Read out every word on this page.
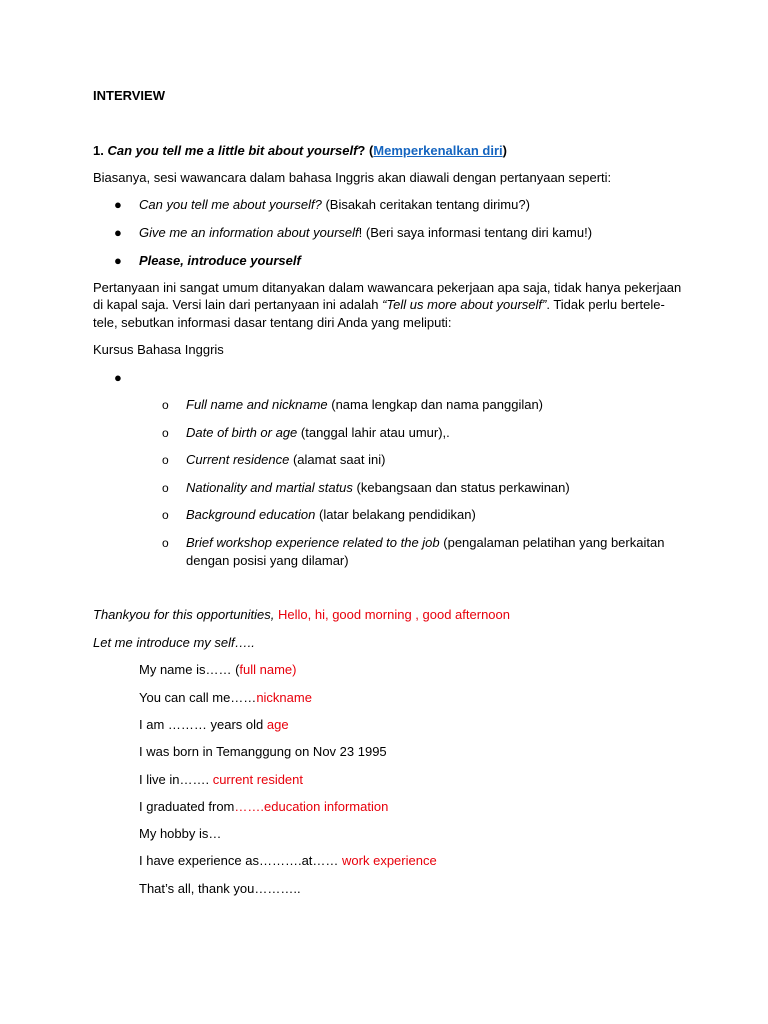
INTERVIEW
1. Can you tell me a little bit about yourself? (Memperkenalkan diri)
Biasanya, sesi wawancara dalam bahasa Inggris akan diawali dengan pertanyaan seperti:
● Can you tell me about yourself? (Bisakah ceritakan tentang dirimu?)
● Give me an information about yourself! (Beri saya informasi tentang diri kamu!)
● Please, introduce yourself
Pertanyaan ini sangat umum ditanyakan dalam wawancara pekerjaan apa saja, tidak hanya pekerjaan
di kapal saja. Versi lain dari pertanyaan ini adalah “Tell us more about yourself”. Tidak perlu bertele-
tele, sebutkan informasi dasar tentang diri Anda yang meliputi:
Kursus Bahasa Inggris
●
o Full name and nickname (nama lengkap dan nama panggilan)
o Date of birth or age (tanggal lahir atau umur),.
o Current residence (alamat saat ini)
o Nationality and martial status (kebangsaan dan status perkawinan)
o Background education (latar belakang pendidikan)
o Brief workshop experience related to the job (pengalaman pelatihan yang berkaitan
dengan posisi yang dilamar)
Thankyou for this opportunities, Hello, hi, good morning , good afternoon
Let me introduce my self…..
My name is…… (full name)
You can call me……nickname
I am ……… years old age
I was born in Temanggung on Nov 23 1995
I live in……. current resident
I graduated from…….education information
My hobby is…
I have experience as……….at…… work experience
That’s all, thank you………..
